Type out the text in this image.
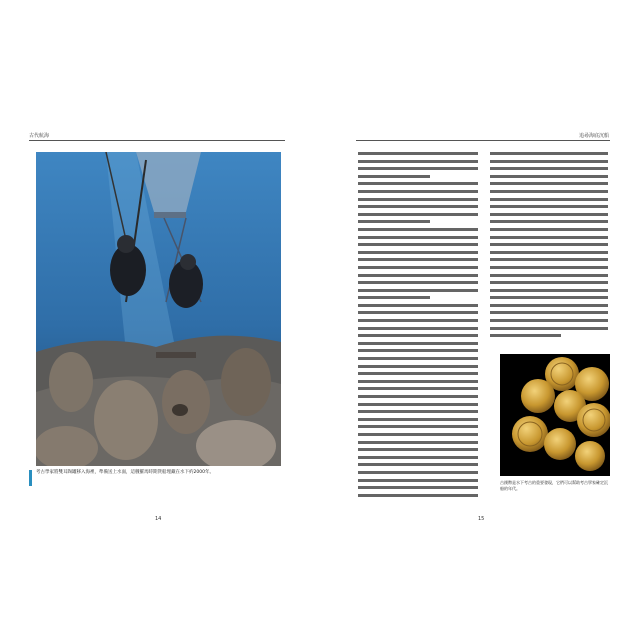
古代航海
考古學家將雙耳陶罐移入海裡，準備送上水面，這艘羅馬時期貨船埋藏在水下約2000年。
14
追尋海底沉船
古錢幣是水下考古的重要發現，它們可以幫助考古學家確定沉船的年代。
15
